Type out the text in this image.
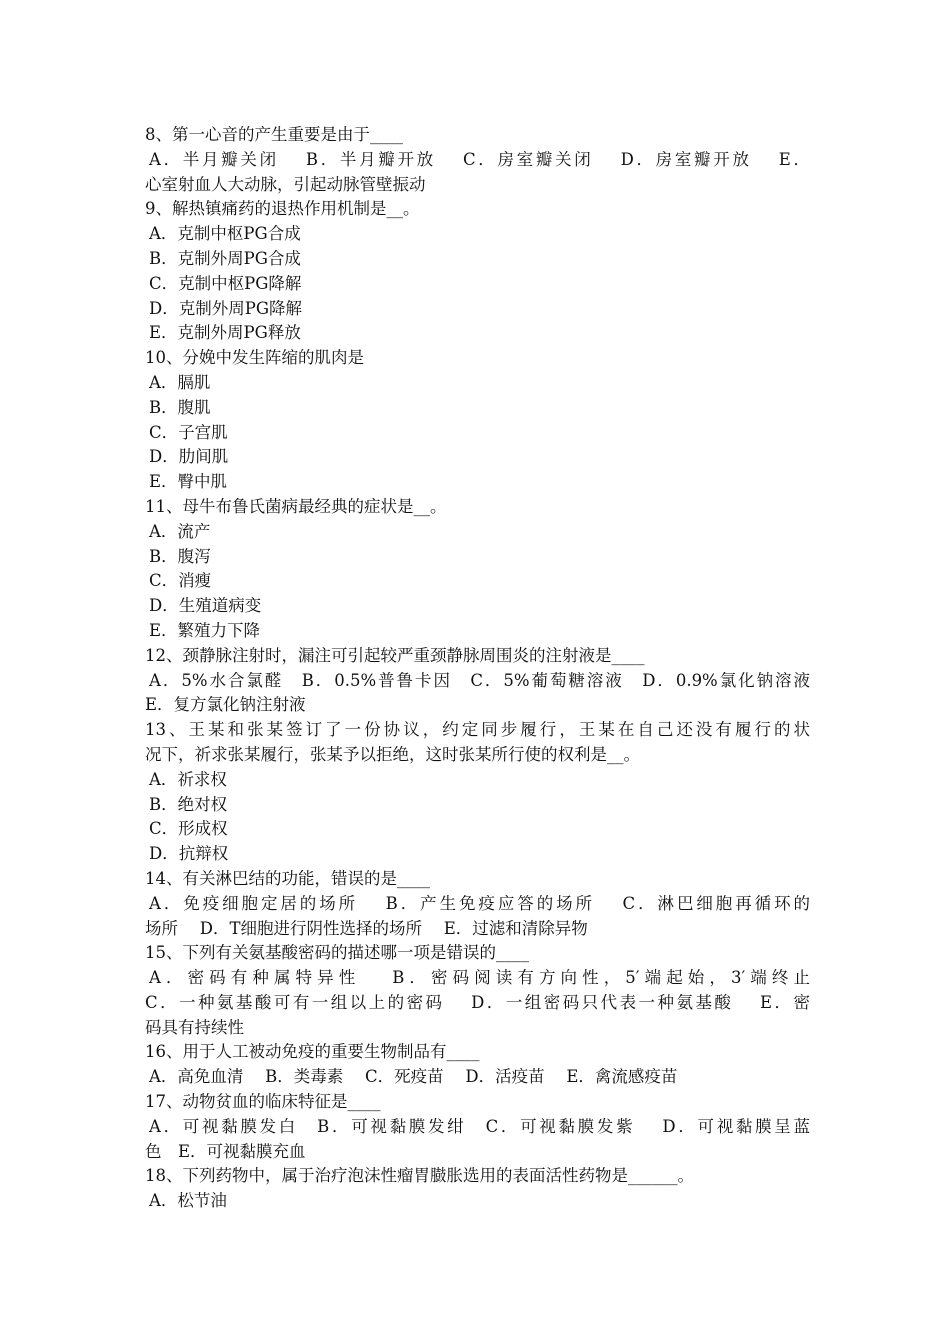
8、第一心音的产生重要是由于____
A．半月瓣关闭　 B．半月瓣开放　 C．房室瓣关闭　 D．房室瓣开放　 E．
心室射血人大动脉，引起动脉管壁振动
9、解热镇痛药的退热作用机制是__。
A．克制中枢PG合成
B．克制外周PG合成
C．克制中枢PG降解
D．克制外周PG降解
E．克制外周PG释放
10、分娩中发生阵缩的肌肉是
A．膈肌
B．腹肌
C．子宫肌
D．肋间肌
E．臀中肌
11、母牛布鲁氏菌病最经典的症状是__。
A．流产
B．腹泻
C．消瘦
D．生殖道病变
E．繁殖力下降
12、颈静脉注射时，漏注可引起较严重颈静脉周围炎的注射液是____
A．5%水合氯醛　B．0.5%普鲁卡因　C．5%葡萄糖溶液　D．0.9%氯化钠溶液
E．复方氯化钠注射液
13、王某和张某签订了一份协议，约定同步履行，王某在自己还没有履行的状
况下，祈求张某履行，张某予以拒绝，这时张某所行使的权利是__。
A．祈求权
B．绝对权
C．形成权
D．抗辩权
14、有关淋巴结的功能，错误的是____
A．免疫细胞定居的场所　 B．产生免疫应答的场所　 C．淋巴细胞再循环的
场所　 D．T细胞进行阴性选择的场所　 E．过滤和清除异物
15、下列有关氨基酸密码的描述哪一项是错误的____
A．密码有种属特异性　 B．密码阅读有方向性，5′端起始，3′端终止
C．一种氨基酸可有一组以上的密码　 D．一组密码只代表一种氨基酸　 E．密
码具有持续性
16、用于人工被动免疫的重要生物制品有____
A．高免血清　 B．类毒素　 C．死疫苗　 D．活疫苗　 E．禽流感疫苗
17、动物贫血的临床特征是____
A．可视黏膜发白　B．可视黏膜发绀　C．可视黏膜发紫　 D．可视黏膜呈蓝
色　E．可视黏膜充血
18、下列药物中，属于治疗泡沫性瘤胃臌胀选用的表面活性药物是______。
A．松节油
